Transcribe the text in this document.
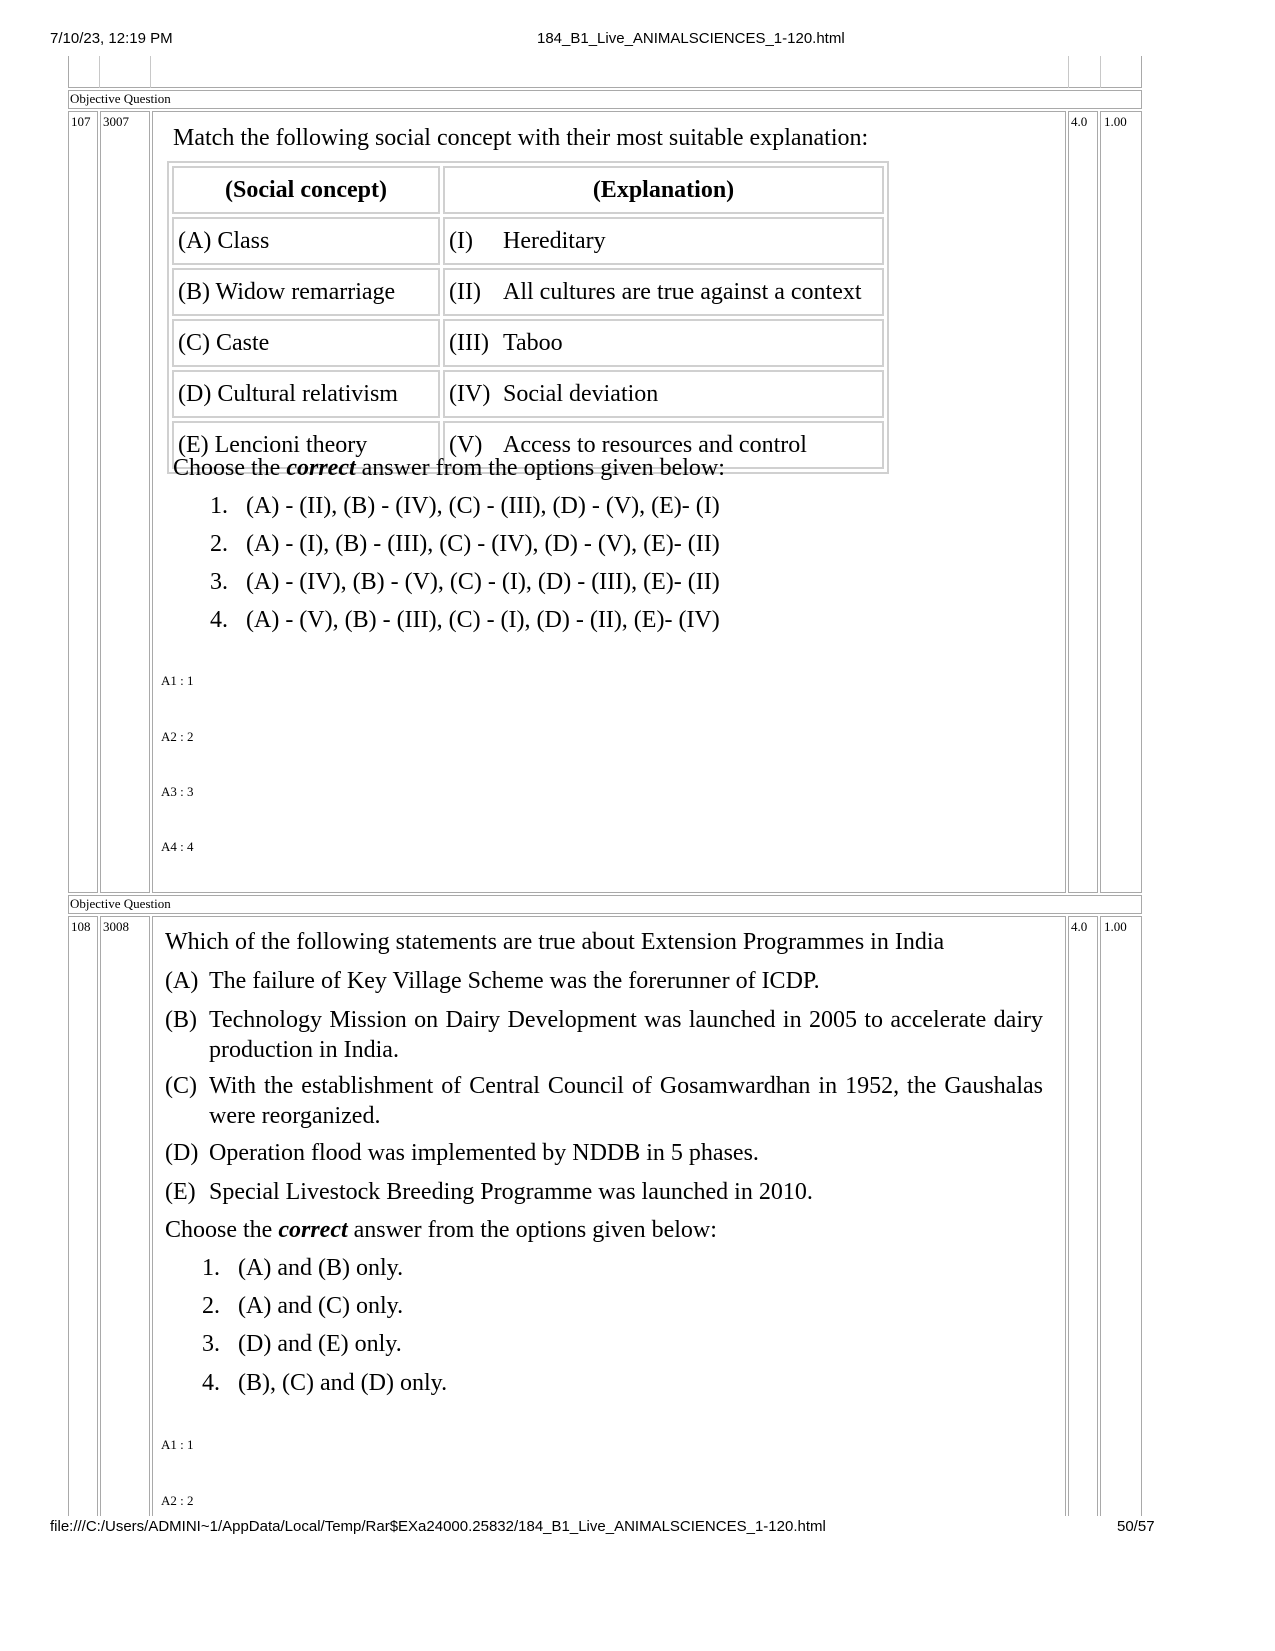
7/10/23, 12:19 PM	184_B1_Live_ANIMALSCIENCES_1-120.html
Objective Question
107 3007	4.0 1.00
Match the following social concept with their most suitable explanation:
(Social concept)	(Explanation)
(A) Class	(I) Hereditary
(B) Widow remarriage	(II) All cultures are true against a context
(C) Caste	(III) Taboo
(D) Cultural relativism	(IV) Social deviation
(E) Lencioni theory	(V) Access to resources and control
Choose the correct answer from the options given below:
1. (A) - (II), (B) - (IV), (C) - (III), (D) - (V), (E)- (I)
2. (A) - (I), (B) - (III), (C) - (IV), (D) - (V), (E)- (II)
3. (A) - (IV), (B) - (V), (C) - (I), (D) - (III), (E)- (II)
4. (A) - (V), (B) - (III), (C) - (I), (D) - (II), (E)- (IV)
A1 : 1
A2 : 2
A3 : 3
A4 : 4
Objective Question
108 3008	4.0 1.00
Which of the following statements are true about Extension Programmes in India
(A) The failure of Key Village Scheme was the forerunner of ICDP.
(B) Technology Mission on Dairy Development was launched in 2005 to accelerate dairy production in India.
(C) With the establishment of Central Council of Gosamwardhan in 1952, the Gaushalas were reorganized.
(D) Operation flood was implemented by NDDB in 5 phases.
(E) Special Livestock Breeding Programme was launched in 2010.
Choose the correct answer from the options given below:
1. (A) and (B) only.
2. (A) and (C) only.
3. (D) and (E) only.
4. (B), (C) and (D) only.
A1 : 1
A2 : 2
file:///C:/Users/ADMINI~1/AppData/Local/Temp/Rar$EXa24000.25832/184_B1_Live_ANIMALSCIENCES_1-120.html	50/57
